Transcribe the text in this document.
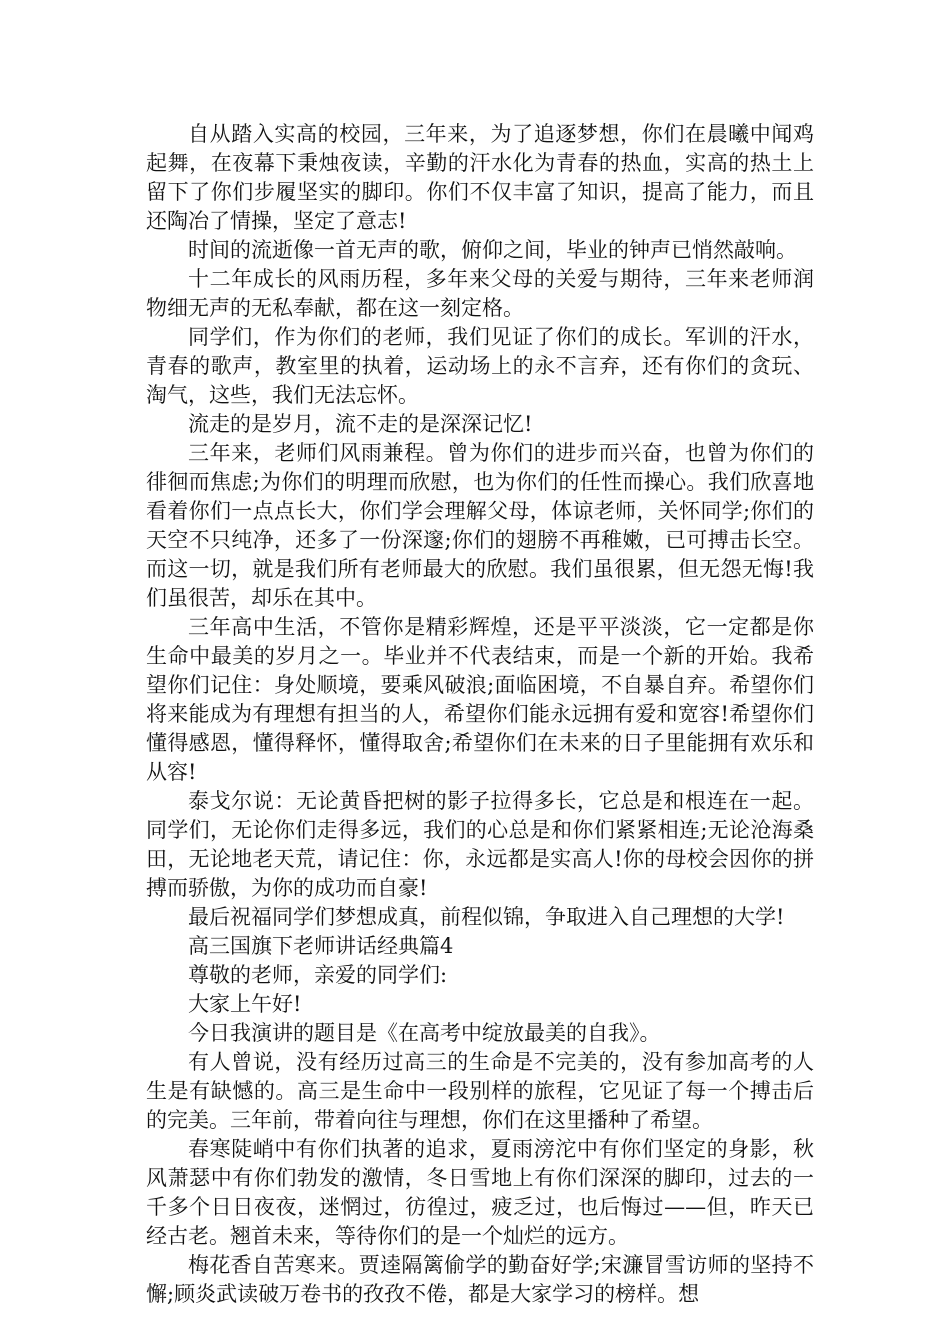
自从踏入实高的校园，三年来，为了追逐梦想，你们在晨曦中闻鸡起舞，在夜幕下秉烛夜读，辛勤的汗水化为青春的热血，实高的热土上留下了你们步履坚实的脚印。你们不仅丰富了知识，提高了能力，而且还陶冶了情操，坚定了意志!

时间的流逝像一首无声的歌，俯仰之间，毕业的钟声已悄然敲响。

十二年成长的风雨历程，多年来父母的关爱与期待，三年来老师润物细无声的无私奉献，都在这一刻定格。

同学们，作为你们的老师，我们见证了你们的成长。军训的汗水，青春的歌声，教室里的执着，运动场上的永不言弃，还有你们的贪玩、淘气，这些，我们无法忘怀。

流走的是岁月，流不走的是深深记忆!

三年来，老师们风雨兼程。曾为你们的进步而兴奋，也曾为你们的徘徊而焦虑;为你们的明理而欣慰，也为你们的任性而操心。我们欣喜地看着你们一点点长大，你们学会理解父母，体谅老师，关怀同学;你们的天空不只纯净，还多了一份深邃;你们的翅膀不再稚嫩，已可搏击长空。而这一切，就是我们所有老师最大的欣慰。我们虽很累，但无怨无悔!我们虽很苦，却乐在其中。

三年高中生活，不管你是精彩辉煌，还是平平淡淡，它一定都是你生命中最美的岁月之一。毕业并不代表结束，而是一个新的开始。我希望你们记住：身处顺境，要乘风破浪;面临困境，不自暴自弃。希望你们将来能成为有理想有担当的人，希望你们能永远拥有爱和宽容!希望你们懂得感恩，懂得释怀，懂得取舍;希望你们在未来的日子里能拥有欢乐和从容!

泰戈尔说：无论黄昏把树的影子拉得多长，它总是和根连在一起。同学们，无论你们走得多远，我们的心总是和你们紧紧相连;无论沧海桑田，无论地老天荒，请记住：你，永远都是实高人!你的母校会因你的拼搏而骄傲，为你的成功而自豪!

最后祝福同学们梦想成真，前程似锦，争取进入自己理想的大学!

高三国旗下老师讲话经典篇4

尊敬的老师，亲爱的同学们:

大家上午好!

今日我演讲的题目是《在高考中绽放最美的自我》。

有人曾说，没有经历过高三的生命是不完美的，没有参加高考的人生是有缺憾的。高三是生命中一段别样的旅程，它见证了每一个搏击后的完美。三年前，带着向往与理想，你们在这里播种了希望。

春寒陡峭中有你们执著的追求，夏雨滂沱中有你们坚定的身影，秋风萧瑟中有你们勃发的激情，冬日雪地上有你们深深的脚印，过去的一千多个日日夜夜，迷惘过，彷徨过，疲乏过，也后悔过——但，昨天已经古老。翘首未来，等待你们的是一个灿烂的远方。

梅花香自苦寒来。贾逵隔篱偷学的勤奋好学;宋濂冒雪访师的坚持不懈;顾炎武读破万卷书的孜孜不倦，都是大家学习的榜样。想
